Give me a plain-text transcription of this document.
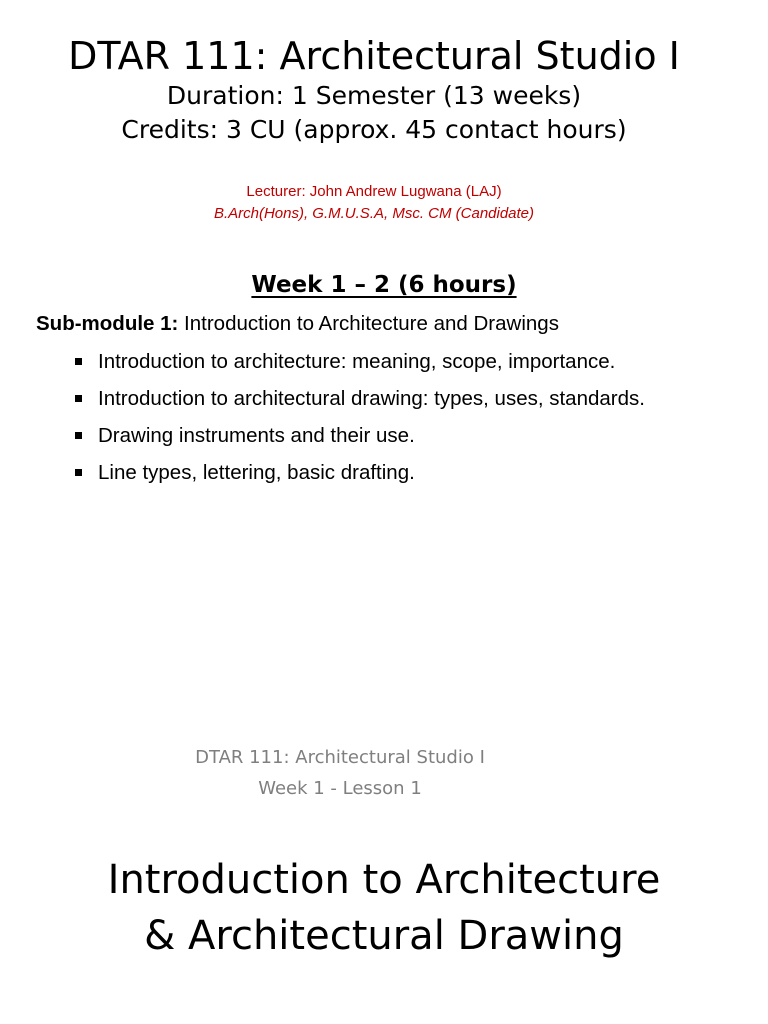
DTAR 111: Architectural Studio I
Duration: 1 Semester (13 weeks)
Credits: 3 CU (approx. 45 contact hours)
Lecturer: John Andrew Lugwana (LAJ)
B.Arch(Hons), G.M.U.S.A, Msc. CM (Candidate)
Week 1 – 2 (6 hours)
Sub-module 1: Introduction to Architecture and Drawings
Introduction to architecture: meaning, scope, importance.
Introduction to architectural drawing: types, uses, standards.
Drawing instruments and their use.
Line types, lettering, basic drafting.
DTAR 111: Architectural Studio I
Week 1 - Lesson 1
Introduction to Architecture
& Architectural Drawing
